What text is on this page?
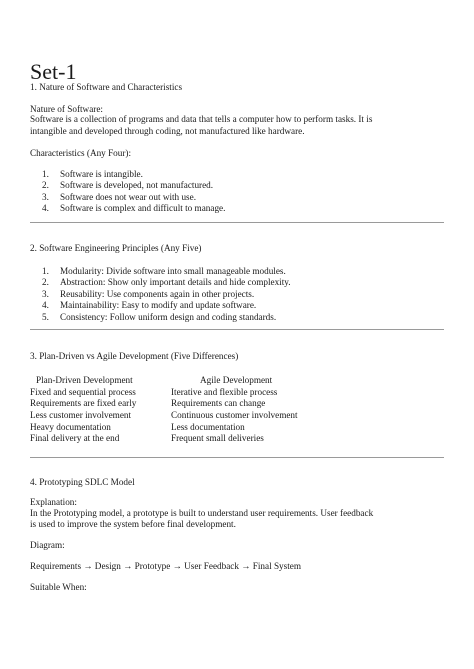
Set-1
1. Nature of Software and Characteristics
Nature of Software:
Software is a collection of programs and data that tells a computer how to perform tasks. It is
intangible and developed through coding, not manufactured like hardware.
Characteristics (Any Four):
1. Software is intangible.
2. Software is developed, not manufactured.
3. Software does not wear out with use.
4. Software is complex and difficult to manage.
2. Software Engineering Principles (Any Five)
1. Modularity: Divide software into small manageable modules.
2. Abstraction: Show only important details and hide complexity.
3. Reusability: Use components again in other projects.
4. Maintainability: Easy to modify and update software.
5. Consistency: Follow uniform design and coding standards.
3. Plan-Driven vs Agile Development (Five Differences)
Plan-Driven Development	Agile Development
Fixed and sequential process	Iterative and flexible process
Requirements are fixed early	Requirements can change
Less customer involvement	Continuous customer involvement
Heavy documentation	Less documentation
Final delivery at the end	Frequent small deliveries
4. Prototyping SDLC Model
Explanation:
In the Prototyping model, a prototype is built to understand user requirements. User feedback
is used to improve the system before final development.
Diagram:
Requirements → Design → Prototype → User Feedback → Final System
Suitable When:
